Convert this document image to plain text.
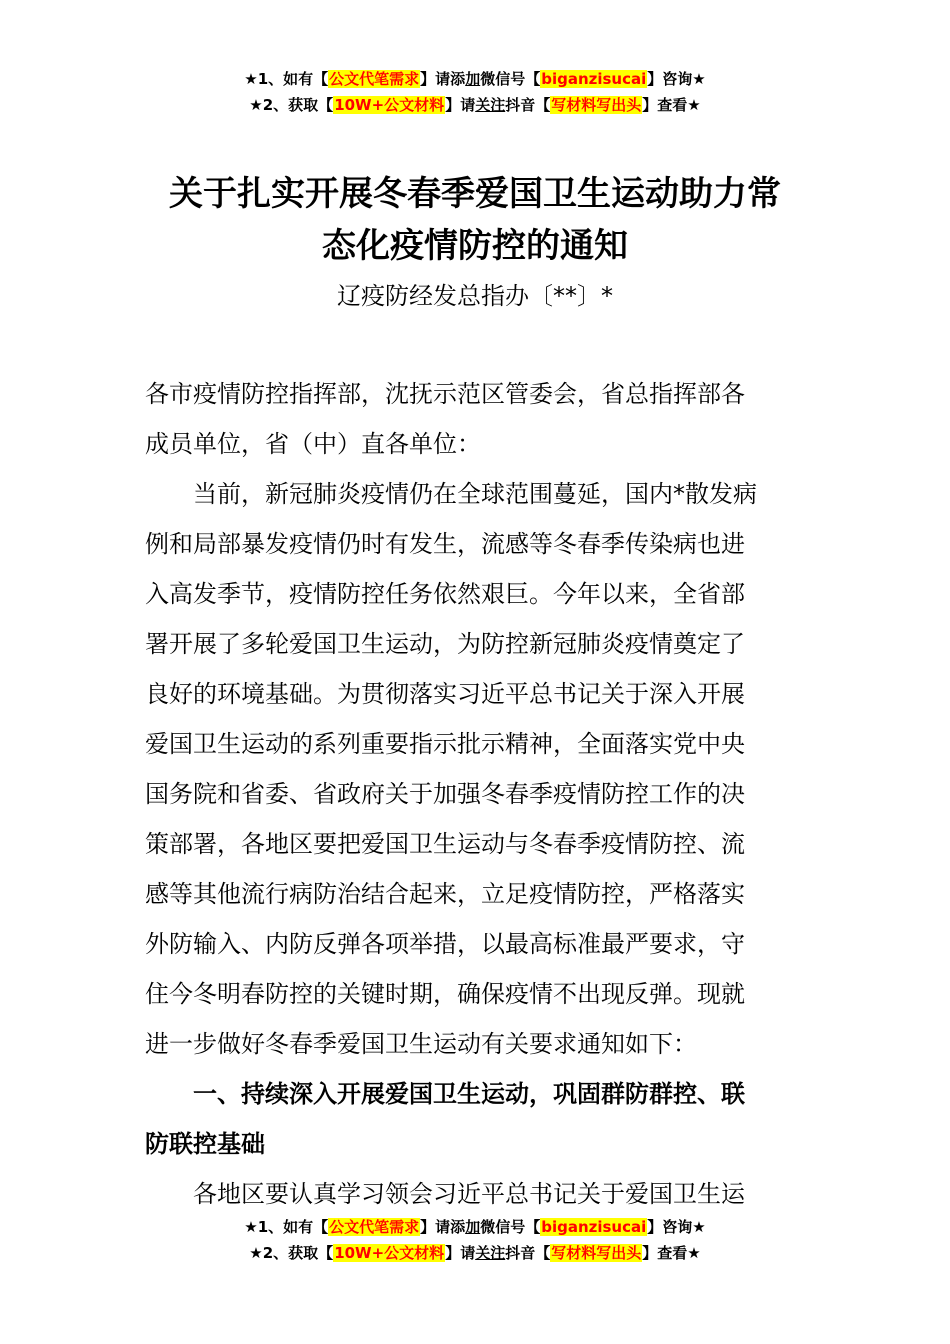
★1、如有【公文代笔需求】请添加微信号【biganzisucai】咨询★
★2、获取【10W+公文材料】请关注抖音【写材料写出头】查看★
关于扎实开展冬春季爱国卫生运动助力常
态化疫情防控的通知
辽疫防经发总指办〔**〕*
各市疫情防控指挥部，沈抚示范区管委会，省总指挥部各
成员单位，省（中）直各单位：
当前，新冠肺炎疫情仍在全球范围蔓延，国内*散发病
例和局部暴发疫情仍时有发生，流感等冬春季传染病也进
入高发季节，疫情防控任务依然艰巨。今年以来，全省部
署开展了多轮爱国卫生运动，为防控新冠肺炎疫情奠定了
良好的环境基础。为贯彻落实习近平总书记关于深入开展
爱国卫生运动的系列重要指示批示精神，全面落实党中央
国务院和省委、省政府关于加强冬春季疫情防控工作的决
策部署，各地区要把爱国卫生运动与冬春季疫情防控、流
感等其他流行病防治结合起来，立足疫情防控，严格落实
外防输入、内防反弹各项举措，以最高标准最严要求，守
住今冬明春防控的关键时期，确保疫情不出现反弹。现就
进一步做好冬春季爱国卫生运动有关要求通知如下：
一、持续深入开展爱国卫生运动，巩固群防群控、联
防联控基础
各地区要认真学习领会习近平总书记关于爱国卫生运
★1、如有【公文代笔需求】请添加微信号【biganzisucai】咨询★
★2、获取【10W+公文材料】请关注抖音【写材料写出头】查看★
